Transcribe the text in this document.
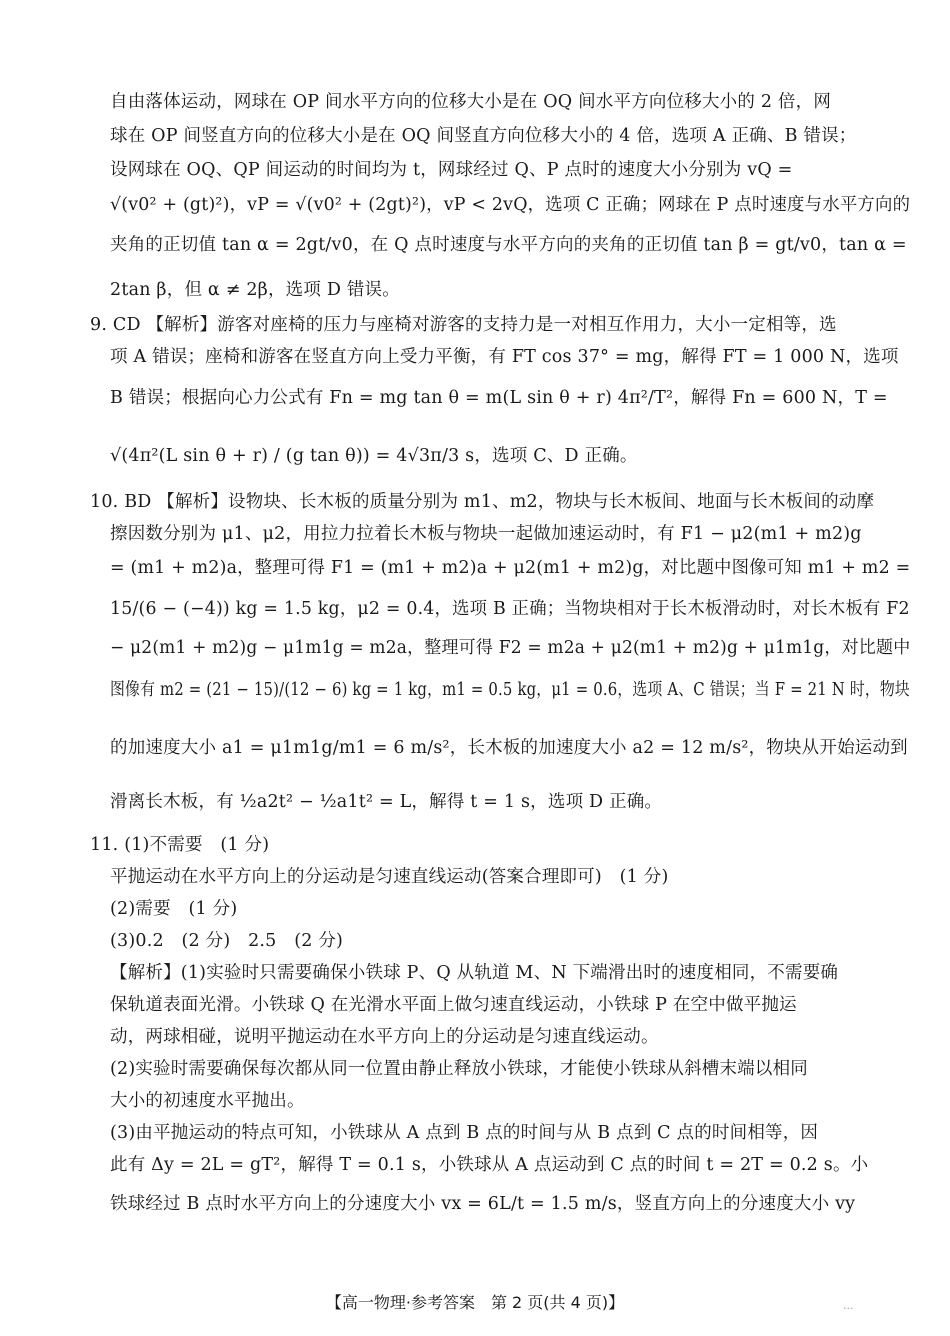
自由落体运动，网球在 OP 间水平方向的位移大小是在 OQ 间水平方向位移大小的 2 倍，网
球在 OP 间竖直方向的位移大小是在 OQ 间竖直方向位移大小的 4 倍，选项 A 正确、B 错误；
设网球在 OQ、QP 间运动的时间均为 t，网球经过 Q、P 点时的速度大小分别为 vQ =
√(v0² + (gt)²)，vP = √(v0² + (2gt)²)，vP < 2vQ，选项 C 正确；网球在 P 点时速度与水平方向的
夹角的正切值 tan α = 2gt/v0，在 Q 点时速度与水平方向的夹角的正切值 tan β = gt/v0，tan α =
2tan β，但 α ≠ 2β，选项 D 错误。
9. CD 【解析】游客对座椅的压力与座椅对游客的支持力是一对相互作用力，大小一定相等，选
项 A 错误；座椅和游客在竖直方向上受力平衡，有 FT cos 37° = mg，解得 FT = 1 000 N，选项
B 错误；根据向心力公式有 Fn = mg tan θ = m(L sin θ + r) 4π²/T²，解得 Fn = 600 N，T =
√(4π²(L sin θ + r) / (g tan θ)) = 4√3π/3 s，选项 C、D 正确。
10. BD 【解析】设物块、长木板的质量分别为 m1、m2，物块与长木板间、地面与长木板间的动摩
擦因数分别为 μ1、μ2，用拉力拉着长木板与物块一起做加速运动时，有 F1 − μ2(m1 + m2)g
= (m1 + m2)a，整理可得 F1 = (m1 + m2)a + μ2(m1 + m2)g，对比题中图像可知 m1 + m2 =
15/(6 − (−4)) kg = 1.5 kg，μ2 = 0.4，选项 B 正确；当物块相对于长木板滑动时，对长木板有 F2
− μ2(m1 + m2)g − μ1m1g = m2a，整理可得 F2 = m2a + μ2(m1 + m2)g + μ1m1g，对比题中
图像有 m2 = (21 − 15)/(12 − 6) kg = 1 kg，m1 = 0.5 kg，μ1 = 0.6，选项 A、C 错误；当 F = 21 N 时，物块
的加速度大小 a1 = μ1m1g/m1 = 6 m/s²，长木板的加速度大小 a2 = 12 m/s²，物块从开始运动到
滑离长木板，有 ½a2t² − ½a1t² = L，解得 t = 1 s，选项 D 正确。
11. (1)不需要　(1 分)
平抛运动在水平方向上的分运动是匀速直线运动(答案合理即可)　(1 分)
(2)需要　(1 分)
(3)0.2　(2 分)　2.5　(2 分)
【解析】(1)实验时只需要确保小铁球 P、Q 从轨道 M、N 下端滑出时的速度相同，不需要确
保轨道表面光滑。小铁球 Q 在光滑水平面上做匀速直线运动，小铁球 P 在空中做平抛运
动，两球相碰，说明平抛运动在水平方向上的分运动是匀速直线运动。
(2)实验时需要确保每次都从同一位置由静止释放小铁球，才能使小铁球从斜槽末端以相同
大小的初速度水平抛出。
(3)由平抛运动的特点可知，小铁球从 A 点到 B 点的时间与从 B 点到 C 点的时间相等，因
此有 Δy = 2L = gT²，解得 T = 0.1 s，小铁球从 A 点运动到 C 点的时间 t = 2T = 0.2 s。小
铁球经过 B 点时水平方向上的分速度大小 vx = 6L/t = 1.5 m/s，竖直方向上的分速度大小 vy
【高一物理·参考答案　第 2 页(共 4 页)】	...
